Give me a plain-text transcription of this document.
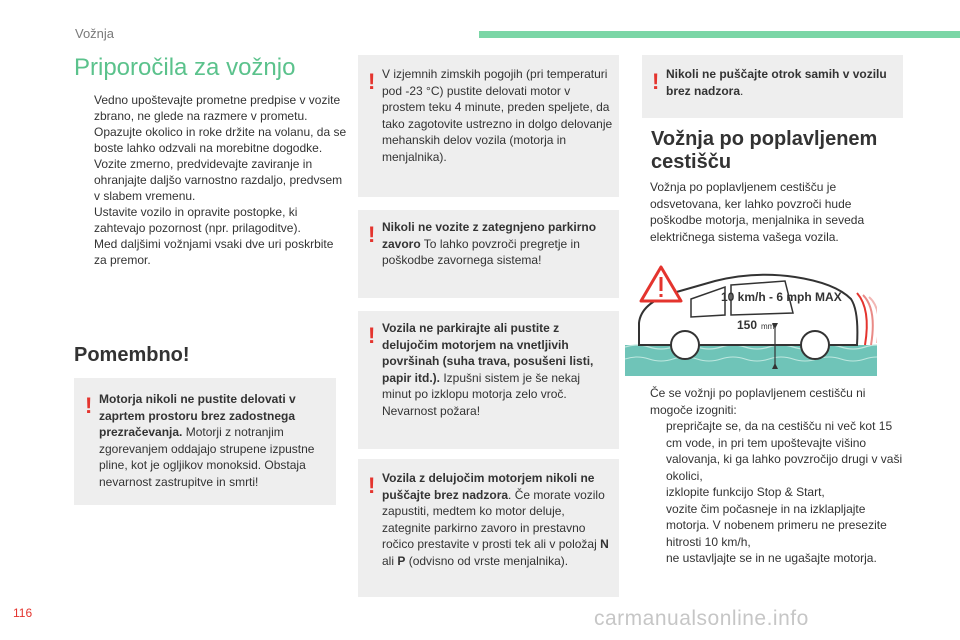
Vožnja
Priporočila za vožnjo
Vedno upoštevajte prometne predpise v vozite zbrano, ne glede na razmere v prometu.
Opazujte okolico in roke držite na volanu, da se boste lahko odzvali na morebitne dogodke.
Vozite zmerno, predvidevajte zaviranje in ohranjajte daljšo varnostno razdaljo, predvsem v slabem vremenu.
Ustavite vozilo in opravite postopke, ki zahtevajo pozornost (npr. prilagoditve).
Med daljšimi vožnjami vsaki dve uri poskrbite za premor.
Pomembno!
! Motorja nikoli ne pustite delovati v zaprtem prostoru brez zadostnega prezračevanja. Motorji z notranjim zgorevanjem oddajajo strupene izpustne pline, kot je ogljikov monoksid. Obstaja nevarnost zastrupitve in smrti!

! V izjemnih zimskih pogojih (pri temperaturi pod -23 °C) pustite delovati motor v prostem teku 4 minute, preden speljete, da tako zagotovite ustrezno in dolgo delovanje mehanskih delov vozila (motorja in menjalnika).

! Nikoli ne vozite z zategnjeno parkirno zavoro To lahko povzroči pregretje in poškodbe zavornega sistema!

! Vozila ne parkirajte ali pustite z delujočim motorjem na vnetljivih površinah (suha trava, posušeni listi, papir itd.). Izpušni sistem je še nekaj minut po izklopu motorja zelo vroč. Nevarnost požara!

! Vozila z delujočim motorjem nikoli ne puščajte brez nadzora. Če morate vozilo zapustiti, medtem ko motor deluje, zategnite parkirno zavoro in prestavno ročico prestavite v prosti tek ali v položaj N ali P (odvisno od vrste menjalnika).

! Nikoli ne puščajte otrok samih v vozilu brez nadzora.

Vožnja po poplavljenem cestišču

Vožnja po poplavljenem cestišču je odsvetovana, ker lahko povzroči hude poškodbe motorja, menjalnika in seveda električnega sistema vašega vozila.

10 km/h - 6 mph MAX
150 mm

Če se vožnji po poplavljenem cestišču ni mogoče izogniti:

prepričajte se, da na cestišču ni več kot 15 cm vode, in pri tem upoštevajte višino valovanja, ki ga lahko povzročijo drugi v vaši okolici,
izklopite funkcijo Stop & Start,
vozite čim počasneje in na izklapljajte motorja. V nobenem primeru ne presezite hitrosti 10 km/h,
ne ustavljajte se in ne ugašajte motorja.
116	carmanualsonline.info
